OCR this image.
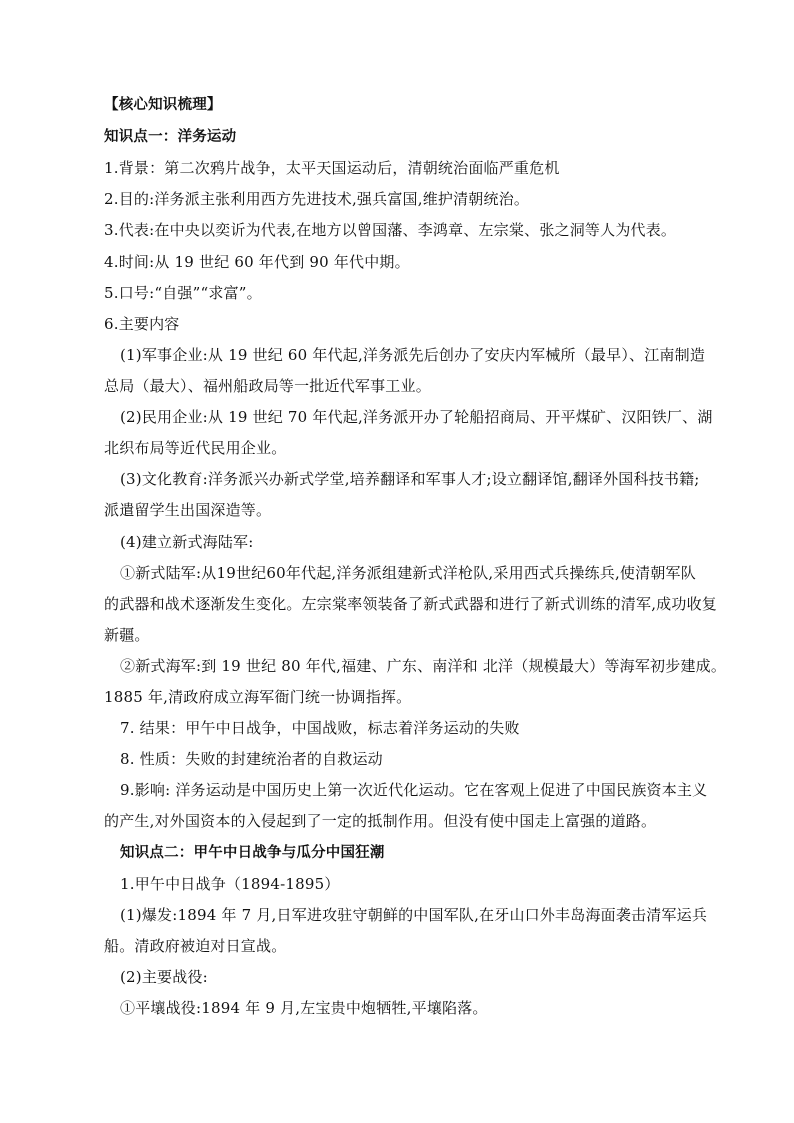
【核心知识梳理】
知识点一：洋务运动
1.背景：第二次鸦片战争，太平天国运动后，清朝统治面临严重危机
2.目的:洋务派主张利用西方先进技术,强兵富国,维护清朝统治。
3.代表:在中央以奕䜣为代表,在地方以曾国藩、李鸿章、左宗棠、张之洞等人为代表。
4.时间:从 19 世纪 60 年代到 90 年代中期。
5.口号:“自强”“求富”。
6.主要内容
(1)军事企业:从 19 世纪 60 年代起,洋务派先后创办了安庆内军械所（最早）、江南制造
总局（最大）、福州船政局等一批近代军事工业。
(2)民用企业:从 19 世纪 70 年代起,洋务派开办了轮船招商局、开平煤矿、汉阳铁厂、湖
北织布局等近代民用企业。
(3)文化教育:洋务派兴办新式学堂,培养翻译和军事人才;设立翻译馆,翻译外国科技书籍;
派遣留学生出国深造等。
(4)建立新式海陆军:
①新式陆军:从19世纪60年代起,洋务派组建新式洋枪队,采用西式兵操练兵,使清朝军队
的武器和战术逐渐发生变化。左宗棠率领装备了新式武器和进行了新式训练的清军,成功收复
新疆。
②新式海军:到 19 世纪 80 年代,福建、广东、南洋和 北洋（规模最大）等海军初步建成。
1885 年,清政府成立海军衙门统一协调指挥。
7. 结果：甲午中日战争，中国战败，标志着洋务运动的失败
8. 性质：失败的封建统治者的自救运动
9.影响: 洋务运动是中国历史上第一次近代化运动。它在客观上促进了中国民族资本主义
的产生,对外国资本的入侵起到了一定的抵制作用。但没有使中国走上富强的道路。
知识点二：甲午中日战争与瓜分中国狂潮
1.甲午中日战争（1894-1895）
(1)爆发:1894 年 7 月,日军进攻驻守朝鲜的中国军队,在牙山口外丰岛海面袭击清军运兵
船。清政府被迫对日宣战。
(2)主要战役:
①平壤战役:1894 年 9 月,左宝贵中炮牺牲,平壤陷落。
